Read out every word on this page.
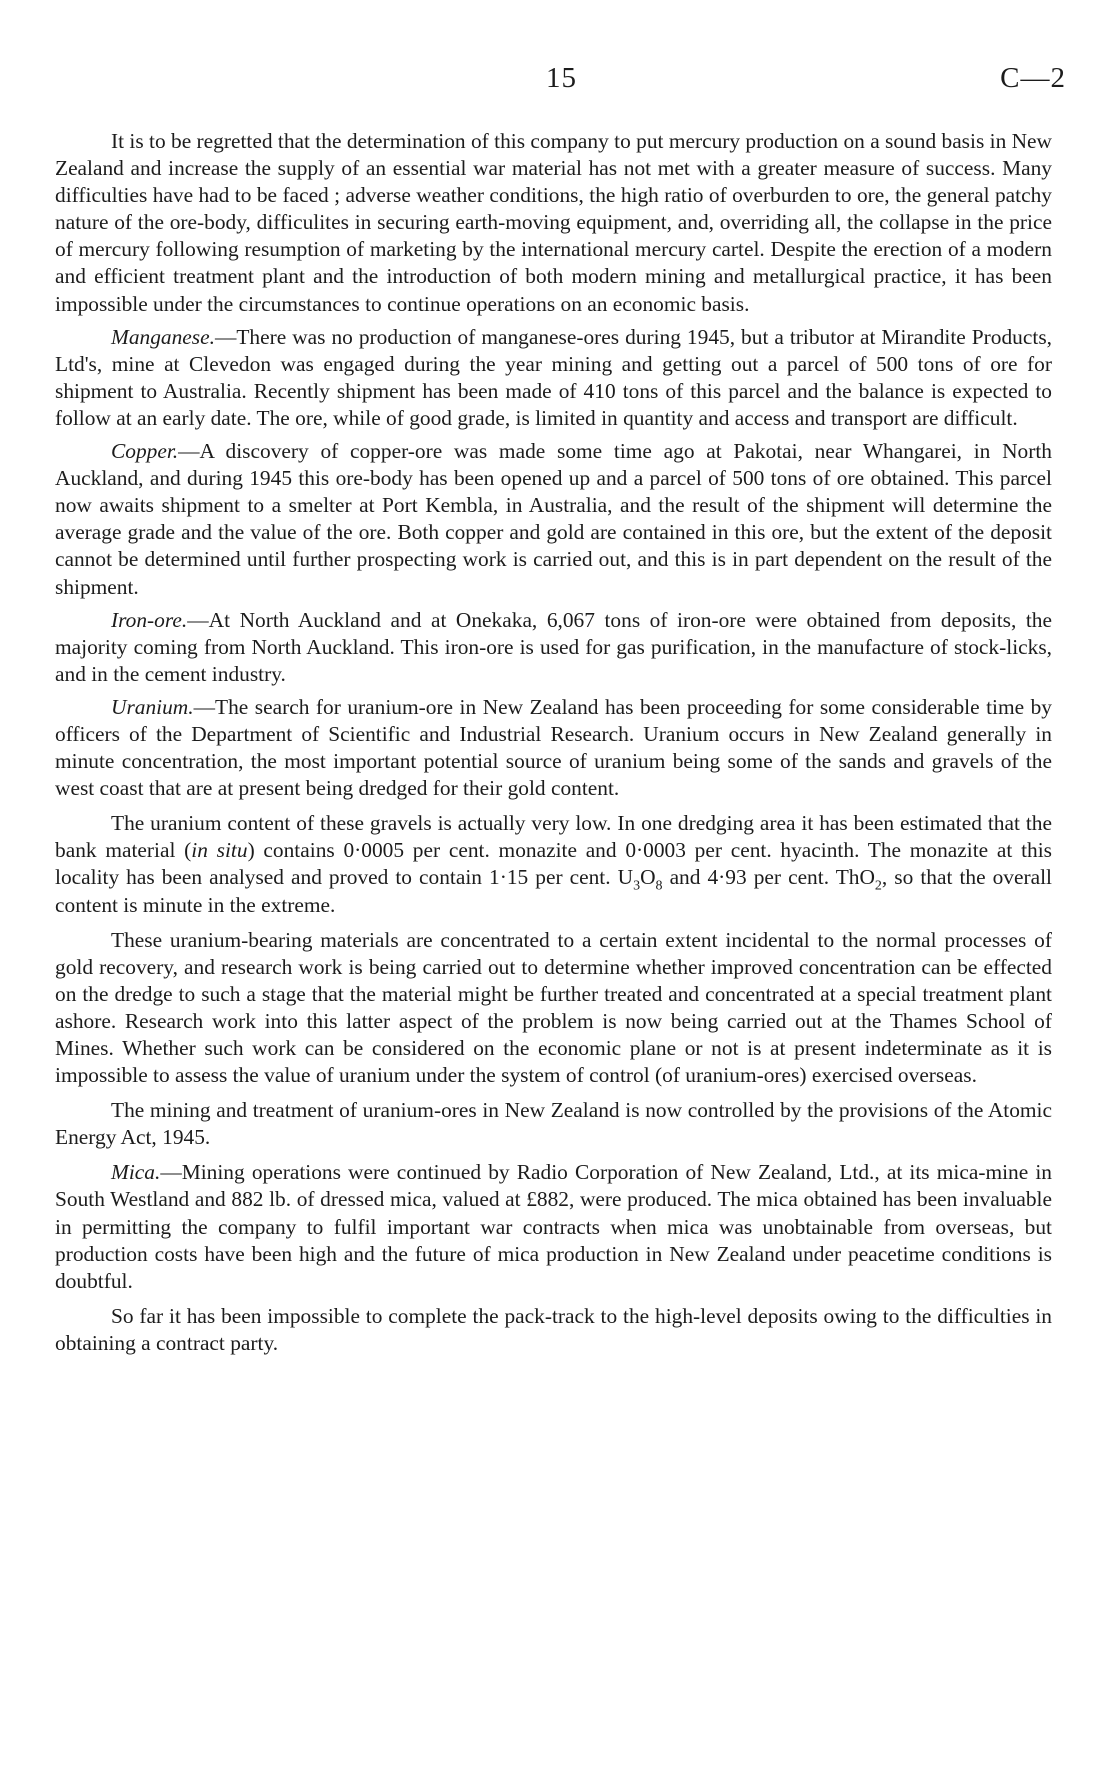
15	C—2

It is to be regretted that the determination of this company to put mercury production on a sound basis in New Zealand and increase the supply of an essential war material has not met with a greater measure of success. Many difficulties have had to be faced ; adverse weather conditions, the high ratio of overburden to ore, the general patchy nature of the ore-body, difficulites in securing earth-moving equipment, and, overriding all, the collapse in the price of mercury following resumption of marketing by the international mercury cartel. Despite the erection of a modern and efficient treatment plant and the introduction of both modern mining and metallurgical practice, it has been impossible under the circumstances to continue operations on an economic basis.

Manganese.—There was no production of manganese-ores during 1945, but a tributor at Mirandite Products, Ltd's, mine at Clevedon was engaged during the year mining and getting out a parcel of 500 tons of ore for shipment to Australia. Recently shipment has been made of 410 tons of this parcel and the balance is expected to follow at an early date. The ore, while of good grade, is limited in quantity and access and transport are difficult.

Copper.—A discovery of copper-ore was made some time ago at Pakotai, near Whangarei, in North Auckland, and during 1945 this ore-body has been opened up and a parcel of 500 tons of ore obtained. This parcel now awaits shipment to a smelter at Port Kembla, in Australia, and the result of the shipment will determine the average grade and the value of the ore. Both copper and gold are contained in this ore, but the extent of the deposit cannot be determined until further prospecting work is carried out, and this is in part dependent on the result of the shipment.

Iron-ore.—At North Auckland and at Onekaka, 6,067 tons of iron-ore were obtained from deposits, the majority coming from North Auckland. This iron-ore is used for gas purification, in the manufacture of stock-licks, and in the cement industry.

Uranium.—The search for uranium-ore in New Zealand has been proceeding for some considerable time by officers of the Department of Scientific and Industrial Research. Uranium occurs in New Zealand generally in minute concentration, the most important potential source of uranium being some of the sands and gravels of the west coast that are at present being dredged for their gold content.

The uranium content of these gravels is actually very low. In one dredging area it has been estimated that the bank material (in situ) contains 0·0005 per cent. monazite and 0·0003 per cent. hyacinth. The monazite at this locality has been analysed and proved to contain 1·15 per cent. $U_3O_8$ and 4·93 per cent. ThO$_2$, so that the overall content is minute in the extreme.

These uranium-bearing materials are concentrated to a certain extent incidental to the normal processes of gold recovery, and research work is being carried out to determine whether improved concentration can be effected on the dredge to such a stage that the material might be further treated and concentrated at a special treatment plant ashore. Research work into this latter aspect of the problem is now being carried out at the Thames School of Mines. Whether such work can be considered on the economic plane or not is at present indeterminate as it is impossible to assess the value of uranium under the system of control (of uranium-ores) exercised overseas.

The mining and treatment of uranium-ores in New Zealand is now controlled by the provisions of the Atomic Energy Act, 1945.

Mica.—Mining operations were continued by Radio Corporation of New Zealand, Ltd., at its mica-mine in South Westland and 882 lb. of dressed mica, valued at £882, were produced. The mica obtained has been invaluable in permitting the company to fulfil important war contracts when mica was unobtainable from overseas, but production costs have been high and the future of mica production in New Zealand under peacetime conditions is doubtful.

So far it has been impossible to complete the pack-track to the high-level deposits owing to the difficulties in obtaining a contract party.
